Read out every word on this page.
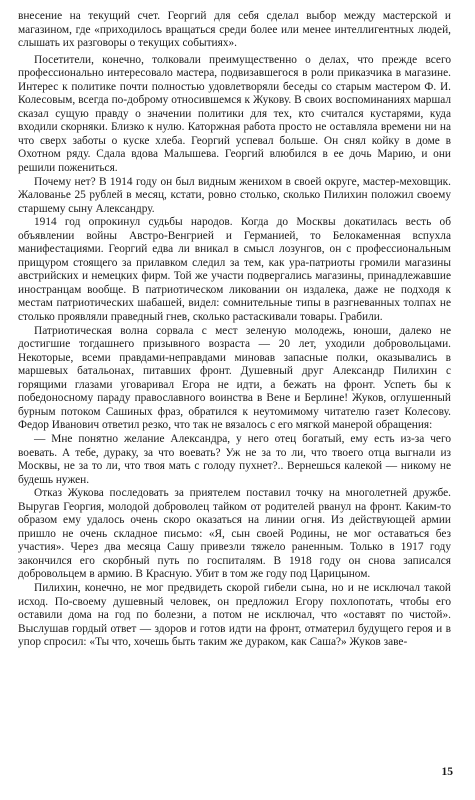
внесение на текущий счет. Георгий для себя сделал выбор между мастерской и магазином, где «приходилось вращаться среди более или менее интеллигентных людей, слышать их разговоры о текущих событиях».

Посетители, конечно, толковали преимущественно о делах, что прежде всего профессионально интересовало мастера, подвизавшегося в роли приказчика в магазине. Интерес к политике почти полностью удовлетворяли беседы со старым мастером Ф. И. Колесовым, всегда по-доброму относившемся к Жукову. В своих воспоминаниях маршал сказал сущую правду о значении политики для тех, кто считался кустарями, куда входили скорняки. Близко к нулю. Каторжная работа просто не оставляла времени ни на что сверх заботы о куске хлеба. Георгий успевал больше. Он снял койку в доме в Охотном ряду. Сдала вдова Малышева. Георгий влюбился в ее дочь Марию, и они решили пожениться.

Почему нет? В 1914 году он был видным женихом в своей округе, мастер-меховщик. Жалованье 25 рублей в месяц, кстати, ровно столько, сколько Пилихин положил своему старшему сыну Александру.

1914 год опрокинул судьбы народов. Когда до Москвы докатилась весть об объявлении войны Австро-Венгрией и Германией, то Белокаменная вспухла манифестациями. Георгий едва ли вникал в смысл лозунгов, он с профессиональным прищуром стоящего за прилавком следил за тем, как ура-патриоты громили магазины австрийских и немецких фирм. Той же участи подвергались магазины, принадлежавшие иностранцам вообще. В патриотическом ликовании он издалека, даже не подходя к местам патриотических шабашей, видел: сомнительные типы в разгневанных толпах не столько проявляли праведный гнев, сколько растаскивали товары. Грабили.

Патриотическая волна сорвала с мест зеленую молодежь, юноши, далеко не достигшие тогдашнего призывного возраста — 20 лет, уходили добровольцами. Некоторые, всеми правдами-неправдами миновав запасные полки, оказывались в маршевых батальонах, питавших фронт. Душевный друг Александр Пилихин с горящими глазами уговаривал Егора не идти, а бежать на фронт. Успеть бы к победоносному параду православного воинства в Вене и Берлине! Жуков, оглушенный бурным потоком Сашиных фраз, обратился к неутомимому читателю газет Колесову. Федор Иванович ответил резко, что так не вязалось с его мягкой манерой обращения:

— Мне понятно желание Александра, у него отец богатый, ему есть из-за чего воевать. А тебе, дураку, за что воевать? Уж не за то ли, что твоего отца выгнали из Москвы, не за то ли, что твоя мать с голоду пухнет?.. Вернешься калекой — никому не будешь нужен.

Отказ Жукова последовать за приятелем поставил точку на многолетней дружбе. Выругав Георгия, молодой доброволец тайком от родителей рванул на фронт. Каким-то образом ему удалось очень скоро оказаться на линии огня. Из действующей армии пришло не очень складное письмо: «Я, сын своей Родины, не мог оставаться без участия». Через два месяца Сашу привезли тяжело раненным. Только в 1917 году закончился его скорбный путь по госпиталям. В 1918 году он снова записался добровольцем в армию. В Красную. Убит в том же году под Царицыном.

Пилихин, конечно, не мог предвидеть скорой гибели сына, но и не исключал такой исход. По-своему душевный человек, он предложил Егору похлопотать, чтобы его оставили дома на год по болезни, а потом не исключал, что «оставят по чистой». Выслушав гордый ответ — здоров и готов идти на фронт, отматерил будущего героя и в упор спросил: «Ты что, хочешь быть таким же дураком, как Саша?» Жуков заве-

15
